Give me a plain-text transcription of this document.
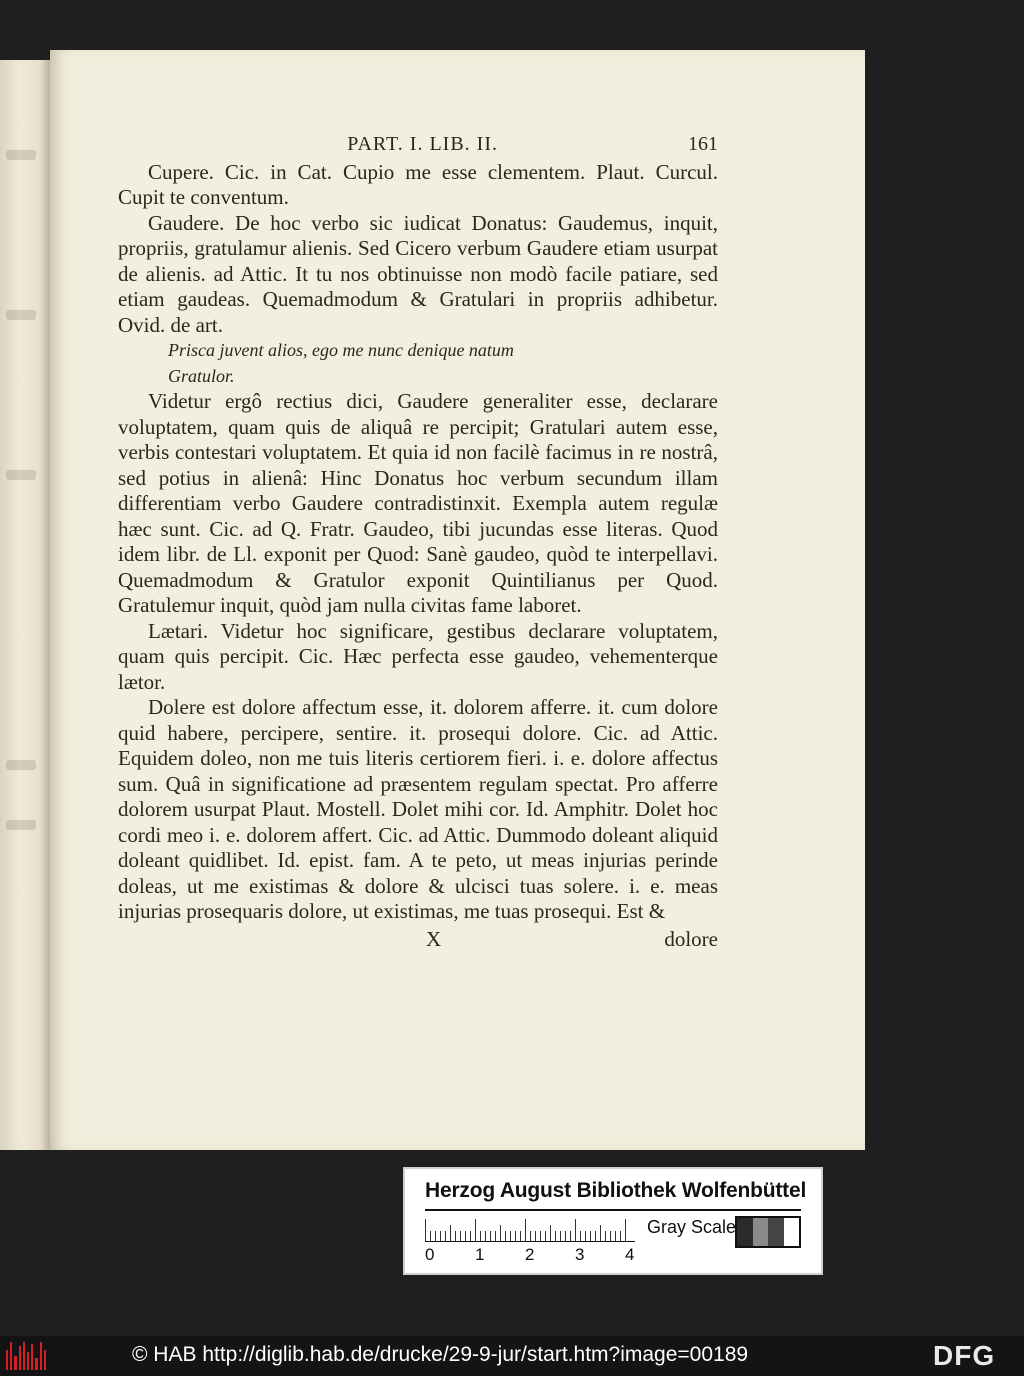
PART. I. LIB. II.	161

Cupere. Cic. in Cat. Cupio me esse clementem. Plaut. Curcul. Cupit te conventum.

Gaudere. De hoc verbo sic iudicat Donatus: Gaudemus, inquit, propriis, gratulamur alienis. Sed Cicero verbum Gaudere etiam usurpat de alienis. ad Attic. It tu nos obtinuisse non modò facile patiare, sed etiam gaudeas. Quemadmodum & Gratulari in propriis adhibetur. Ovid. de art.

Prisca juvent alios, ego me nunc denique natum

Gratulor.

Videtur ergô rectius dici, Gaudere generaliter esse, declarare voluptatem, quam quis de aliquâ re percipit; Gratulari autem esse, verbis contestari voluptatem. Et quia id non facilè facimus in re nostrâ, sed potius in alienâ: Hinc Donatus hoc verbum secundum illam differentiam verbo Gaudere contradistinxit. Exempla autem regulæ hæc sunt. Cic. ad Q. Fratr. Gaudeo, tibi jucundas esse literas. Quod idem libr. de Ll. exponit per Quod: Sanè gaudeo, quòd te interpellavi. Quemadmodum & Gratulor exponit Quintilianus per Quod. Gratulemur inquit, quòd jam nulla civitas fame laboret.

Lætari. Videtur hoc significare, gestibus declarare voluptatem, quam quis percipit. Cic. Hæc perfecta esse gaudeo, vehementerque lætor.

Dolere est dolore affectum esse, it. dolorem afferre. it. cum dolore quid habere, percipere, sentire. it. prosequi dolore. Cic. ad Attic. Equidem doleo, non me tuis literis certiorem fieri. i. e. dolore affectus sum. Quâ in significatione ad præsentem regulam spectat. Pro afferre dolorem usurpat Plaut. Mostell. Dolet mihi cor. Id. Amphitr. Dolet hoc cordi meo i. e. dolorem affert. Cic. ad Attic. Dummodo doleant aliquid doleant quidlibet. Id. epist. fam. A te peto, ut meas injurias perinde doleas, ut me existimas & dolore & ulcisci tuas solere. i. e. meas injurias prosequaris dolore, ut existimas, me tuas prosequi. Est &

X	dolore
Herzog August Bibliothek Wolfenbüttel
0 1 2 3 4
Gray Scale
© HAB http://diglib.hab.de/drucke/29-9-jur/start.htm?image=00189	DFG
